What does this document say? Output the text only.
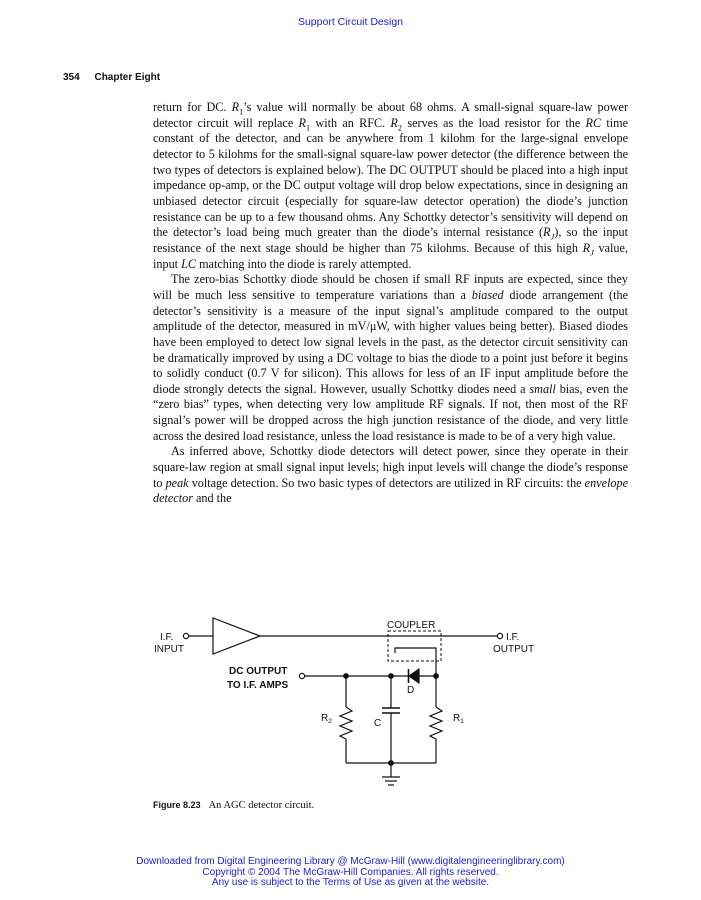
Support Circuit Design
354 Chapter Eight

return for DC. $R_1’s$ value will normally be about 68 ohms. A small-signal square-law power detector circuit will replace $R_1$ with an RFC. $R_2$ serves as the load resistor for the RC time constant of the detector, and can be anywhere from 1 kilohm for the large-signal envelope detector to 5 kilohms for the small-signal square-law power detector (the difference between the two types of detectors is explained below). The DC OUTPUT should be placed into a high input impedance op-amp, or the DC output voltage will drop below expectations, since in designing an unbiased detector circuit (especially for square-law detector operation) the diode’s junction resistance can be up to a few thousand ohms. Any Schottky detector’s sensitivity will depend on the detector’s load being much greater than the diode’s internal resistance $(R_J)$, so the input resistance of the next stage should be higher than 75 kilohms. Because of this high $R_J$ value, input LC matching into the diode is rarely attempted.

The zero-bias Schottky diode should be chosen if small RF inputs are expected, since they will be much less sensitive to temperature variations than a biased diode arrangement (the detector’s sensitivity is a measure of the input signal’s amplitude compared to the output amplitude of the detector, measured in mV/μW, with higher values being better). Biased diodes have been employed to detect low signal levels in the past, as the detector circuit sensitivity can be dramatically improved by using a DC voltage to bias the diode to a point just before it begins to solidly conduct (0.7 V for silicon). This allows for less of an IF input amplitude before the diode strongly detects the signal. However, usually Schottky diodes need a small bias, even the “zero bias” types, when detecting very low amplitude RF signals. If not, then most of the RF signal’s power will be dropped across the high junction resistance of the diode, and very little across the desired load resistance, unless the load resistance is made to be of a very high value.

As inferred above, Schottky diode detectors will detect power, since they operate in their square-law region at small signal input levels; high input levels will change the diode’s response to peak voltage detection. So two basic types of detectors are utilized in RF circuits: the envelope detector and the

I.F.
INPUT
I.F.
OUTPUT
COUPLER
DC OUTPUT
TO I.F. AMPS	D
$R_2$	C	$R_1$
Figure 8.23 An AGC detector circuit.
Downloaded from Digital Engineering Library @ McGraw-Hill (www.digitalengineeringlibrary.com)
Copyright © 2004 The McGraw-Hill Companies. All rights reserved.
Any use is subject to the Terms of Use as given at the website.
